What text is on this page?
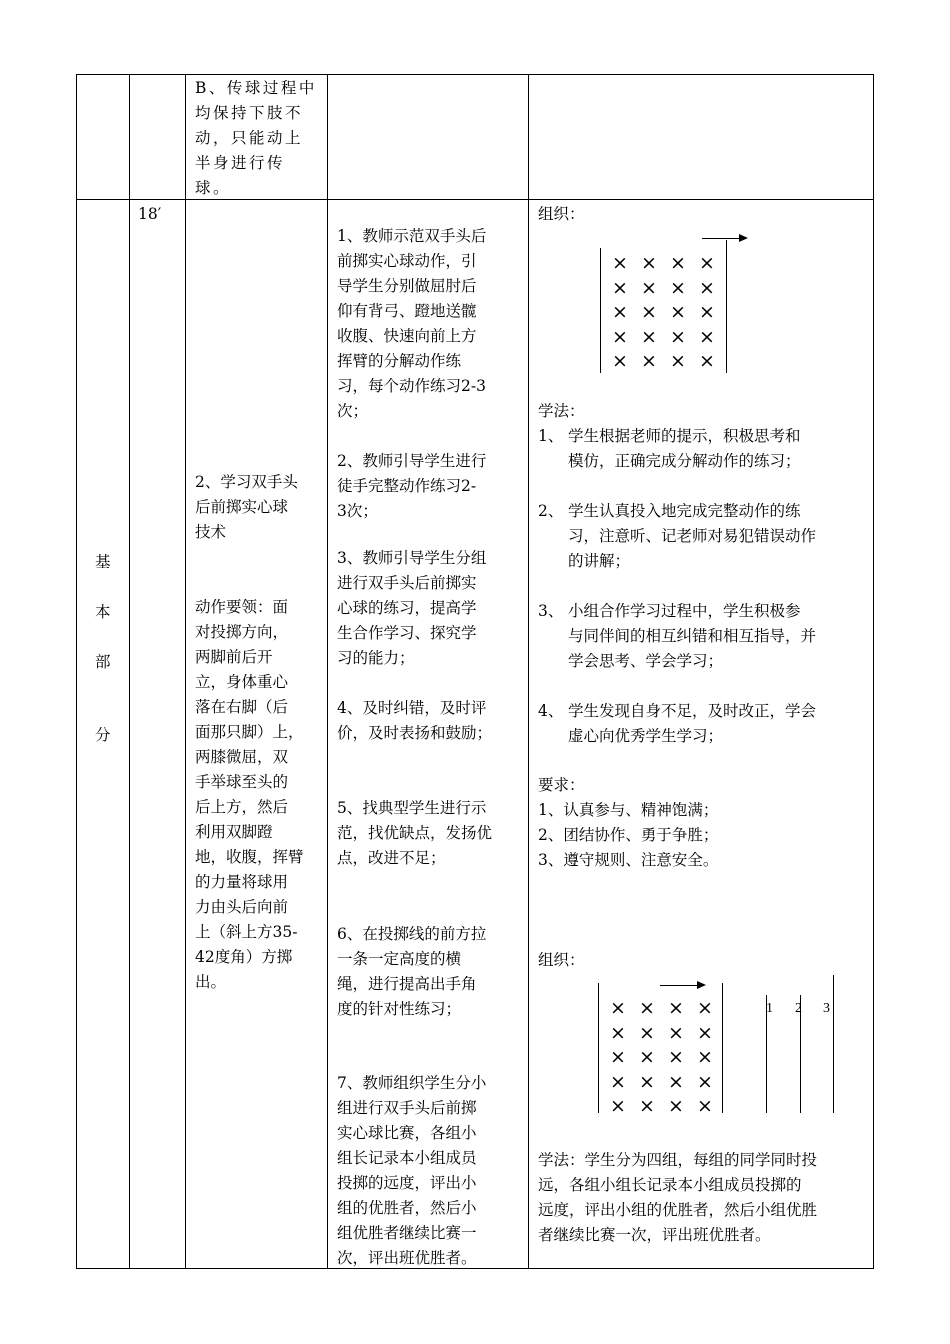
B、传球过程中
均保持下肢不
动，只能动上
半身进行传
球。
基
本
部
分
18′
2、学习双手头
后前掷实心球
技术

动作要领：面
对投掷方向，
两脚前后开
立，身体重心
落在右脚（后
面那只脚）上，
两膝微屈，双
手举球至头的
后上方，然后
利用双脚蹬
地，收腹，挥臂
的力量将球用
力由头后向前
上（斜上方35-
42度角）方掷
出。
1、教师示范双手头后
前掷实心球动作，引
导学生分别做屈肘后
仰有背弓、蹬地送髋
收腹、快速向前上方
挥臂的分解动作练
习，每个动作练习2-3
次；
2、教师引导学生进行
徒手完整动作练习2-
3次；
3、教师引导学生分组
进行双手头后前掷实
心球的练习，提高学
生合作学习、探究学
习的能力；
4、及时纠错，及时评
价，及时表扬和鼓励；
5、找典型学生进行示
范，找优缺点，发扬优
点，改进不足；
6、在投掷线的前方拉
一条一定高度的横
绳，进行提高出手角
度的针对性练习；
7、教师组织学生分小
组进行双手头后前掷
实心球比赛，各组小
组长记录本小组成员
投掷的远度，评出小
组的优胜者，然后小
组优胜者继续比赛一
次，评出班优胜者。
组织：
× × × ×
× × × ×
× × × ×
× × × ×
× × × ×
学法：
1、 学生根据老师的提示，积极思考和
模仿，正确完成分解动作的练习；
2、 学生认真投入地完成完整动作的练
习，注意听、记老师对易犯错误动作
的讲解；
3、 小组合作学习过程中，学生积极参
与同伴间的相互纠错和相互指导，并
学会思考、学会学习；
4、 学生发现自身不足，及时改正，学会
虚心向优秀学生学习；
要求：
1、认真参与、精神饱满；
2、团结协作、勇于争胜；
3、遵守规则、注意安全。
组织：
1 2 3
× × × ×
× × × ×
× × × ×
× × × ×
× × × ×
学法：学生分为四组，每组的同学同时投
远，各组小组长记录本小组成员投掷的
远度，评出小组的优胜者，然后小组优胜
者继续比赛一次，评出班优胜者。
